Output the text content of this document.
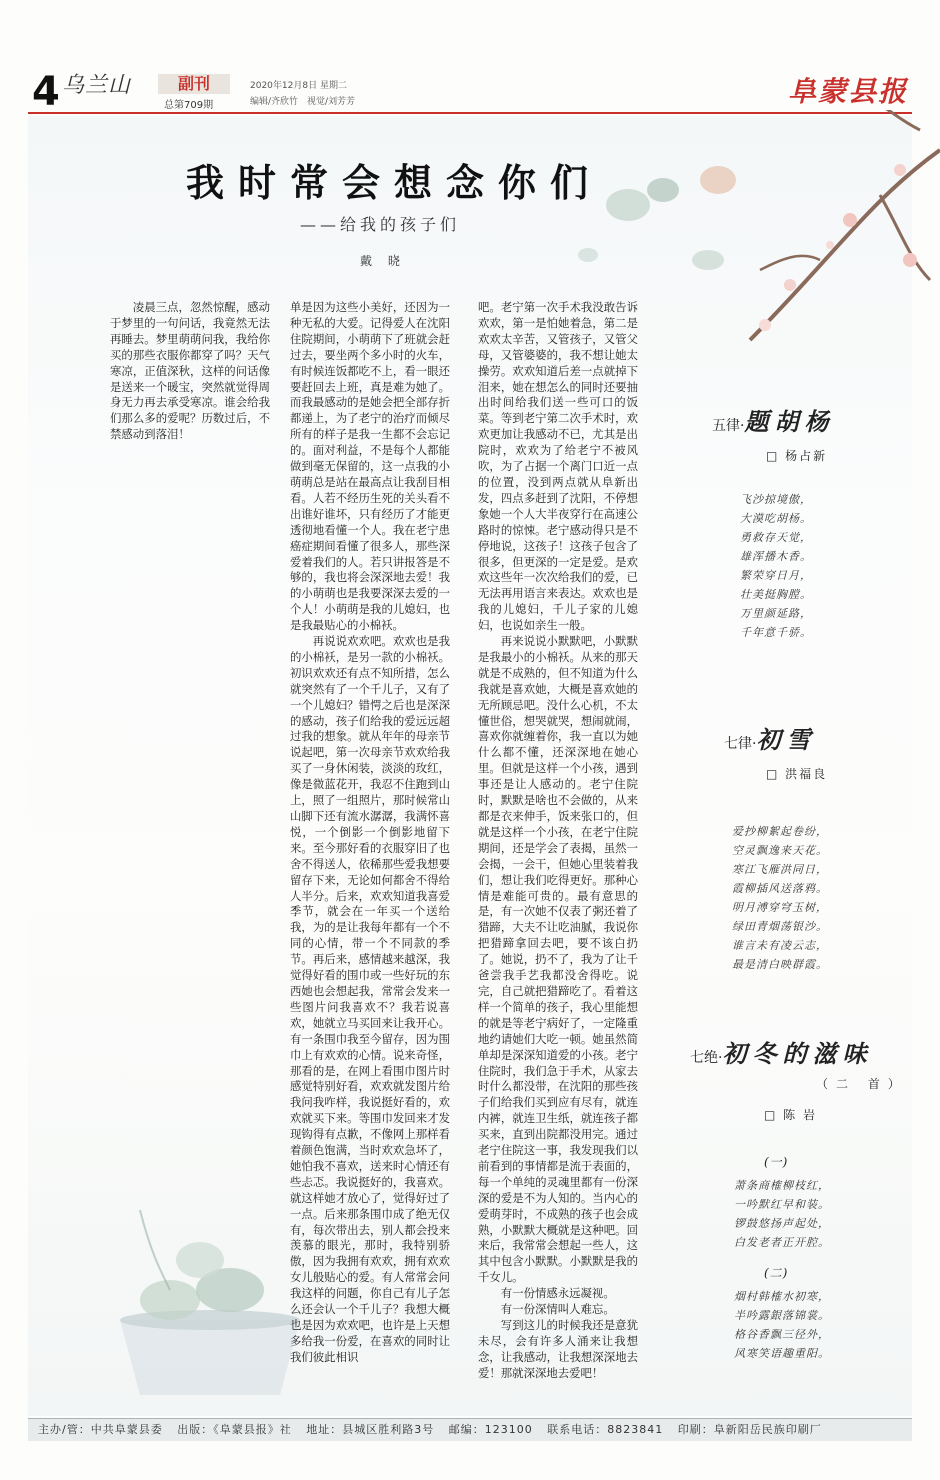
4 乌兰山	副刊
总第709期
2020年12月8日 星期二
编辑/齐欣竹　视觉/刘芳芳	阜蒙县报
我时常会想念你们
——给我的孩子们
戴 晓

凌晨三点，忽然惊醒，感动于梦里的一句问话，我竟然无法再睡去。梦里萌萌问我，我给你买的那些衣服你都穿了吗？天气寒凉，正值深秋，这样的问话像是送来一个暖宝，突然就觉得周身无力再去承受寒凉。谁会给我们那么多的爱呢？历数过后，不禁感动到落泪！

单是因为这些小美好，还因为一种无私的大爱。记得爱人在沈阳住院期间，小萌萌下了班就会赶过去，要坐两个多小时的火车，有时候连饭都吃不上，看一眼还要赶回去上班，真是难为她了。而我最感动的是她会把全部存折都递上，为了老宁的治疗而倾尽所有的样子是我一生都不会忘记的。面对利益，不是每个人都能做到毫无保留的，这一点我的小萌萌总是站在最高点让我刮目相看。人若不经历生死的关头看不出谁好谁坏，只有经历了才能更透彻地看懂一个人。我在老宁患癌症期间看懂了很多人，那些深爱着我们的人。若只讲报答是不够的，我也将会深深地去爱！我的小萌萌也是我要深深去爱的一个人！小萌萌是我的儿媳妇，也是我最贴心的小棉袄。

再说说欢欢吧。欢欢也是我的小棉袄，是另一款的小棉袄。初识欢欢还有点不知所措，怎么就突然有了一个千儿子，又有了一个儿媳妇？错愕之后也是深深的感动，孩子们给我的爱远远超过我的想象。就从年年的母亲节说起吧，第一次母亲节欢欢给我买了一身休闲装，淡淡的玫红，像是微蓝花开，我忍不住跑到山上，照了一组照片，那时候常山山脚下还有流水潺潺，我满怀喜悦，一个倒影一个倒影地留下来。至今那好看的衣服穿旧了也舍不得送人，依稀那些爱我想要留存下来，无论如何都舍不得给人半分。后来，欢欢知道我喜爱季节，就会在一年买一个送给我，为的是让我每年都有一个不同的心情，带一个不同款的季节。再后来，感情越来越深，我觉得好看的围巾或一些好玩的东西她也会想起我，常常会发来一些图片问我喜欢不？我若说喜欢，她就立马买回来让我开心。有一条围巾我至今留存，因为围巾上有欢欢的心情。说来奇怪，那看的是，在网上看围巾图片时感觉特别好看，欢欢就发图片给我问我咋样，我说挺好看的，欢欢就买下来。等围巾发回来才发现钩得有点歉，不像网上那样看着颜色饱满，当时欢欢急坏了，她怕我不喜欢，送来时心情还有些忐忑。我说挺好的，我喜欢。就这样她才放心了，觉得好过了一点。后来那条围巾成了绝无仅有，每次带出去，别人都会投来羡慕的眼光，那时，我特别骄傲，因为我拥有欢欢，拥有欢欢女儿般贴心的爱。有人常常会问我这样的问题，你自己有儿子怎么还会认一个千儿子？我想大概也是因为欢欢吧，也许是上天想多给我一份爱，在喜欢的同时让我们彼此相识

吧。老宁第一次手术我没敢告诉欢欢，第一是怕她着急，第二是欢欢太辛苦，又管孩子，又管父母，又管婆婆的，我不想让她太操劳。欢欢知道后差一点就掉下泪来，她在想怎么的同时还要抽出时间给我们送一些可口的饭菜。等到老宁第二次手术时，欢欢更加让我感动不已，尤其是出院时，欢欢为了给老宁不被风吹，为了占据一个离门口近一点的位置，没到两点就从阜新出发，四点多赶到了沈阳，不停想象她一个人大半夜穿行在高速公路时的惊悚。老宁感动得只是不停地说，这孩子！这孩子包含了很多，但更深的一定是爱。是欢欢这些年一次次给我们的爱，已无法再用语言来表达。欢欢也是我的儿媳妇，千儿子家的儿媳妇，也说如亲生一般。

再来说说小默默吧，小默默是我最小的小棉袄。从来的那天就是不成熟的，但不知道为什么我就是喜欢她，大概是喜欢她的无所顾忌吧。没什么心机，不太懂世俗，想哭就哭，想闹就闹，喜欢你就缠着你，我一直以为她什么都不懂，还深深地在她心里。但就是这样一个小孩，遇到事还是让人感动的。老宁住院时，默默是啥也不会做的，从来都是衣来伸手，饭来张口的，但就是这样一个小孩，在老宁住院期间，还是学会了表揭，虽然一会揭，一会干，但她心里装着我们，想让我们吃得更好。那种心情是难能可贵的。最有意思的是，有一次她不仅表了粥还着了猎蹄，大夫不让吃油腻，我说你把猎蹄拿回去吧，要不该白扔了。她说，扔不了，我为了让千爸尝我手艺我都没舍得吃。说完，自己就把猎蹄吃了。看着这样一个简单的孩子，我心里能想的就是等老宁病好了，一定隆重地约请她们大吃一顿。她虽然简单却是深深知道爱的小孩。老宁住院时，我们急于手术，从家去时什么都没带，在沈阳的那些孩子们给我们买到应有尽有，就连内裤，就连卫生纸，就连孩子都买来，直到出院都没用完。通过老宁住院这一事，我发现我们以前看到的事情都是流于表面的，每一个单纯的灵魂里都有一份深深的爱是不为人知的。当内心的爱萌芽时，不成熟的孩子也会成熟，小默默大概就是这种吧。回来后，我常常会想起一些人，这其中包含小默默。小默默是我的千女儿。

有一份情感永远凝视。

有一份深情叫人难忘。

写到这儿的时候我还是意犹未尽，会有许多人涌来让我想念，让我感动，让我想深深地去爱！那就深深地去爱吧！

五律·题胡杨
□ 杨占新
飞沙掠境傲，
大漠吃胡杨。
勇救存天觉，
雄浑播木香。
繁荣穿日月，
壮美挺胸膛。
万里颜延路，
千年意千骄。
七律·初雪
□ 洪福良
爱抄柳絮起卷纷，
空灵飘逸来天花。
寒江飞雁洪同日，
霞柳插风送落鸦。
明月溥穿穹玉树，
绿田青烟荡银沙。
谁言未有凌云志，
最是清白映群霞。
七绝·初冬的滋味
（二 首）
□ 陈 岩
(一)
萧条商榷柳枝红，
一吟默红早和装。
锣鼓悠扬声起处，
白发老者正开腔。
(二)
烟村韩榷水初寒，
半吟露銀落锦裳。
格谷香飘三径外，
风寒笑语趣重阳。
主办/管：中共阜蒙县委 出版：《阜蒙县报》社 地址：县城区胜利路3号 邮编：123100 联系电话：8823841 印刷：阜新阳岳民族印刷厂
